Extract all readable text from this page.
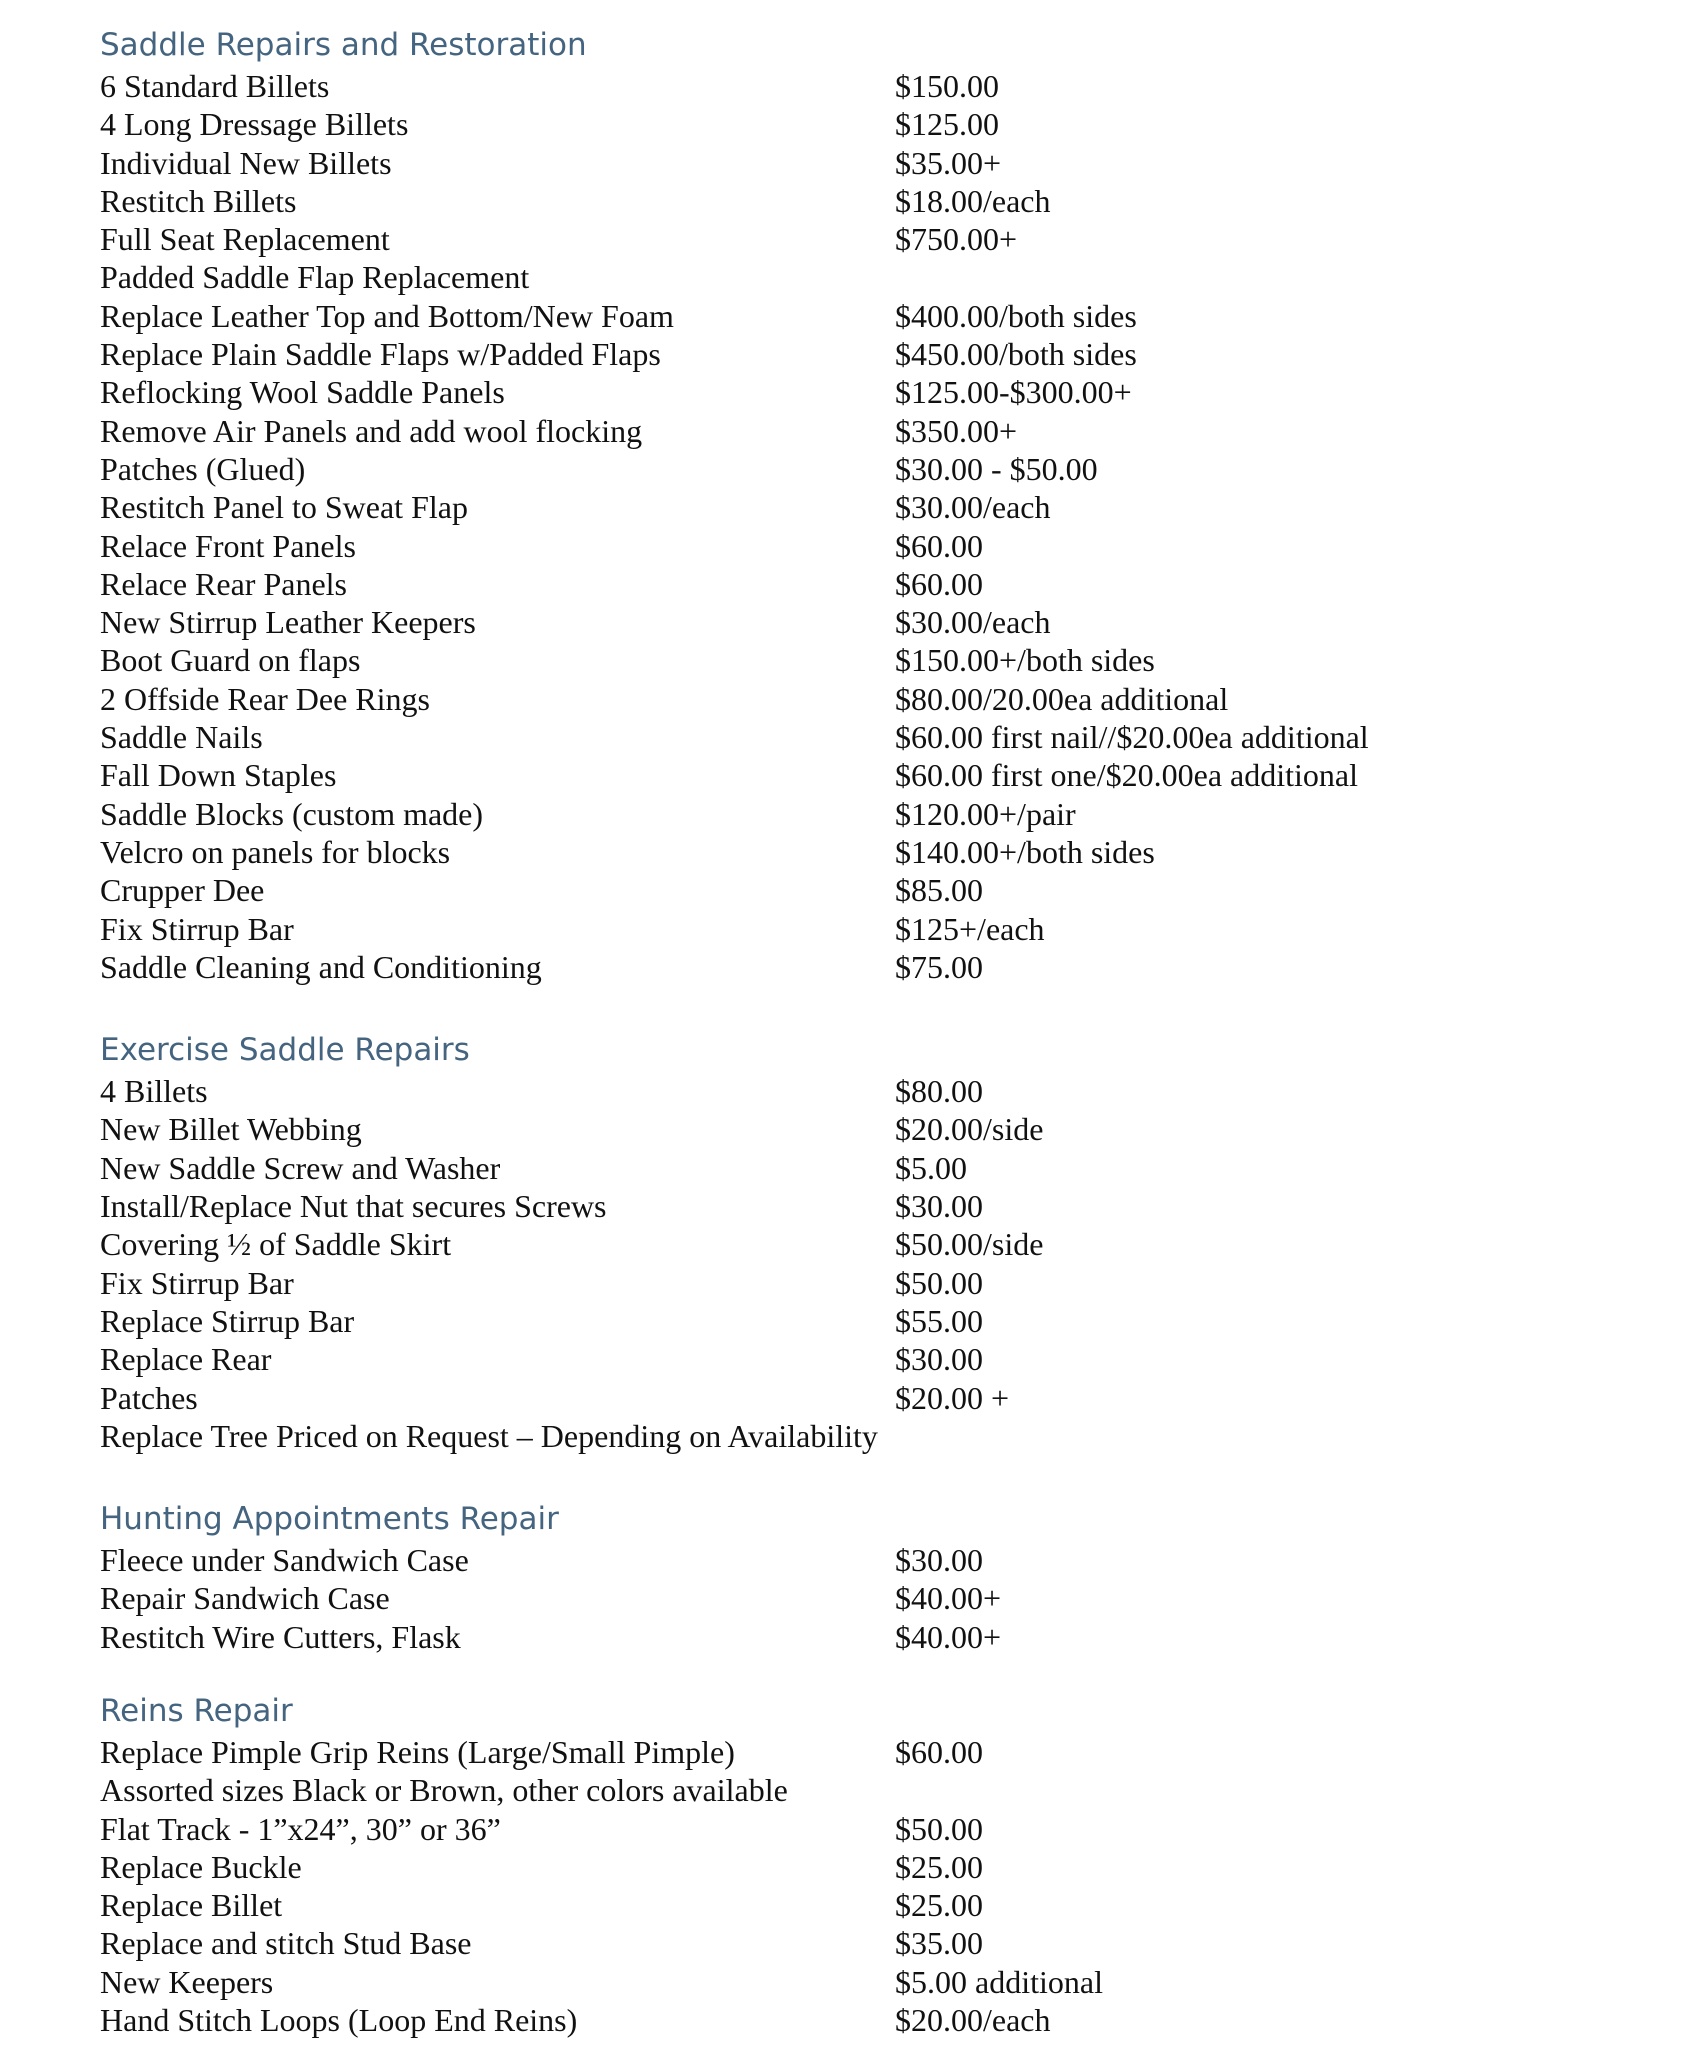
Saddle Repairs and Restoration
6 Standard Billets	$150.00
4 Long Dressage Billets	$125.00
Individual New Billets	$35.00+
Restitch Billets	$18.00/each
Full Seat Replacement	$750.00+
Padded Saddle Flap Replacement
Replace Leather Top and Bottom/New Foam	$400.00/both sides
Replace Plain Saddle Flaps w/Padded Flaps	$450.00/both sides
Reflocking Wool Saddle Panels	$125.00-$300.00+
Remove Air Panels and add wool flocking	$350.00+
Patches (Glued)	$30.00 - $50.00
Restitch Panel to Sweat Flap	$30.00/each
Relace Front Panels	$60.00
Relace Rear Panels	$60.00
New Stirrup Leather Keepers	$30.00/each
Boot Guard on flaps	$150.00+/both sides
2 Offside Rear Dee Rings	$80.00/20.00ea additional
Saddle Nails	$60.00 first nail//$20.00ea additional
Fall Down Staples	$60.00 first one/$20.00ea additional
Saddle Blocks (custom made)	$120.00+/pair
Velcro on panels for blocks	$140.00+/both sides
Crupper Dee	$85.00
Fix Stirrup Bar	$125+/each
Saddle Cleaning and Conditioning	$75.00
Exercise Saddle Repairs
4 Billets	$80.00
New Billet Webbing	$20.00/side
New Saddle Screw and Washer	$5.00
Install/Replace Nut that secures Screws	$30.00
Covering ½ of Saddle Skirt	$50.00/side
Fix Stirrup Bar	$50.00
Replace Stirrup Bar	$55.00
Replace Rear	$30.00
Patches	$20.00 +
Replace Tree Priced on Request – Depending on Availability
Hunting Appointments Repair
Fleece under Sandwich Case	$30.00
Repair Sandwich Case	$40.00+
Restitch Wire Cutters, Flask	$40.00+
Reins Repair
Replace Pimple Grip Reins (Large/Small Pimple)	$60.00
Assorted sizes Black or Brown, other colors available
Flat Track - 1”x24”, 30” or 36”	$50.00
Replace Buckle	$25.00
Replace Billet	$25.00
Replace and stitch Stud Base	$35.00
New Keepers	$5.00 additional
Hand Stitch Loops (Loop End Reins)	$20.00/each
